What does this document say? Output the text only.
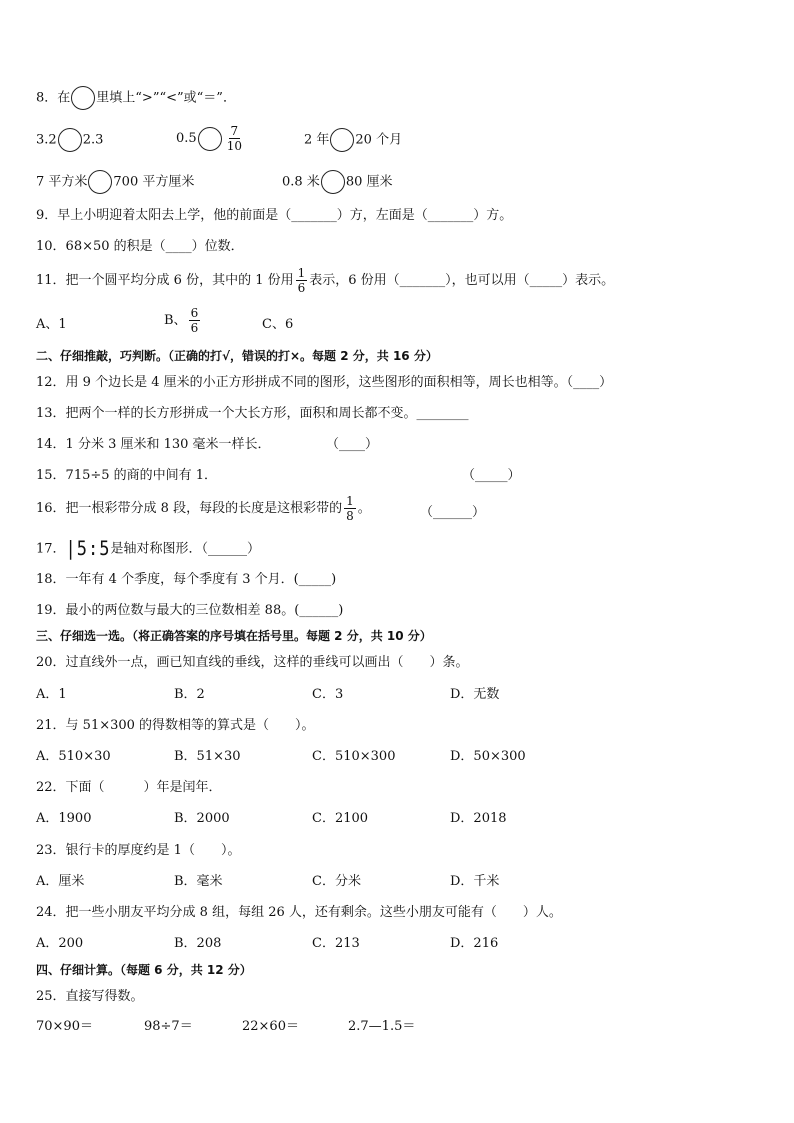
8．在 里填上“>”“<”或“＝”．
3.2 2.3	$0.5 \frac{7}{10}$	2 年 20 个月
7 平方米 700 平方厘米	0.8 米 80 厘米
9．早上小明迎着太阳去上学，他的前面是（_______）方，左面是（_______）方。
10．68×50 的积是（____）位数．
11．把一个圆平均分成 6 份，其中的 1 份用 $\frac{1}{6}$ 表示，6 份用（_______），也可以用（_____）表示。
A、1	B、 $\frac{6}{6}$	C、6
二、仔细推敲，巧判断。（正确的打√，错误的打×。每题 2 分，共 16 分）
12．用 9 个边长是 4 厘米的小正方形拼成不同的图形，这些图形的面积相等，周长也相等。（____）
13．把两个一样的长方形拼成一个大长方形，面积和周长都不变。________
14．1 分米 3 厘米和 130 毫米一样长．	（____）
15．715÷5 的商的中间有 1．	（_____）
16．把一根彩带分成 8 段，每段的长度是这根彩带的 $\frac{1}{8}$ 。	（______）
17．|5:5是轴对称图形．（______）
18．一年有 4 个季度，每个季度有 3 个月．(_____)
19．最小的两位数与最大的三位数相差 88。(______)
三、仔细选一选。（将正确答案的序号填在括号里。每题 2 分，共 10 分）
20．过直线外一点，画已知直线的垂线，这样的垂线可以画出（　　）条。
A．1	B．2	C．3	D．无数
21．与 51×300 的得数相等的算式是（　　）。
A．510×30	B．51×30	C．510×300	D．50×300
22．下面（　　　）年是闰年．
A．1900	B．2000	C．2100	D．2018
23．银行卡的厚度约是 1（　　）。
A．厘米	B．毫米	C．分米	D．千米
24．把一些小朋友平均分成 8 组，每组 26 人，还有剩余。这些小朋友可能有（　　）人。
A．200	B．208	C．213	D．216
四、仔细计算。（每题 6 分，共 12 分）
25．直接写得数。
70×90＝	98÷7＝	22×60＝	2.7—1.5＝
